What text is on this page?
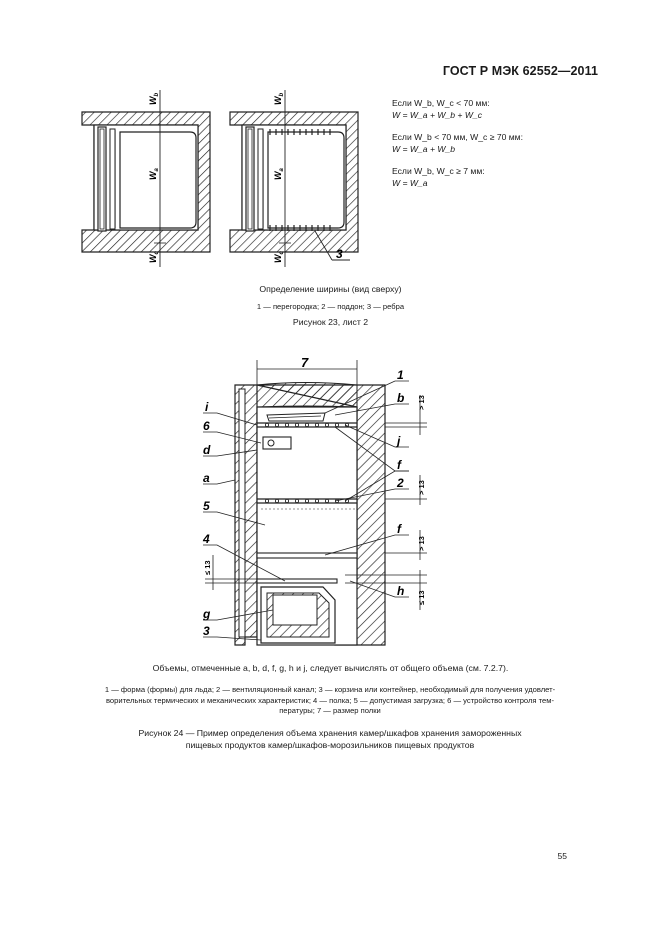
ГОСТ Р МЭК 62552—2011
$W_b$
$W_a$
$W_c$
$W_b$
$W_a$
$W_c$	3
Если W_b, W_c < 70 мм:
W = W_a + W_b + W_c
Если W_b < 70 мм, W_c ≥ 70 мм:
W = W_a + W_b
Если W_b, W_c ≥ 7 мм:
W = W_a
Определение ширины (вид сверху)
1 — перегородка; 2 — поддон; 3 — ребра
Рисунок 23, лист 2
7
> 13
> 13
> 13
≤ 13
≤ 13
i
6
d
a
5
4
g
3
1
b
j
f
2
f
h
Объемы, отмеченные a, b, d, f, g, h и j, следует вычислять от общего объема (см. 7.2.7).
1 — форма (формы) для льда; 2 — вентиляционный канал; 3 — корзина или контейнер, необходимый для получения удовлет-
ворительных термических и механических характеристик; 4 — полка; 5 — допустимая загрузка; 6 — устройство контроля тем-
пературы; 7 — размер полки
Рисунок 24 — Пример определения объема хранения камер/шкафов хранения замороженных
пищевых продуктов камер/шкафов-морозильников пищевых продуктов
55
